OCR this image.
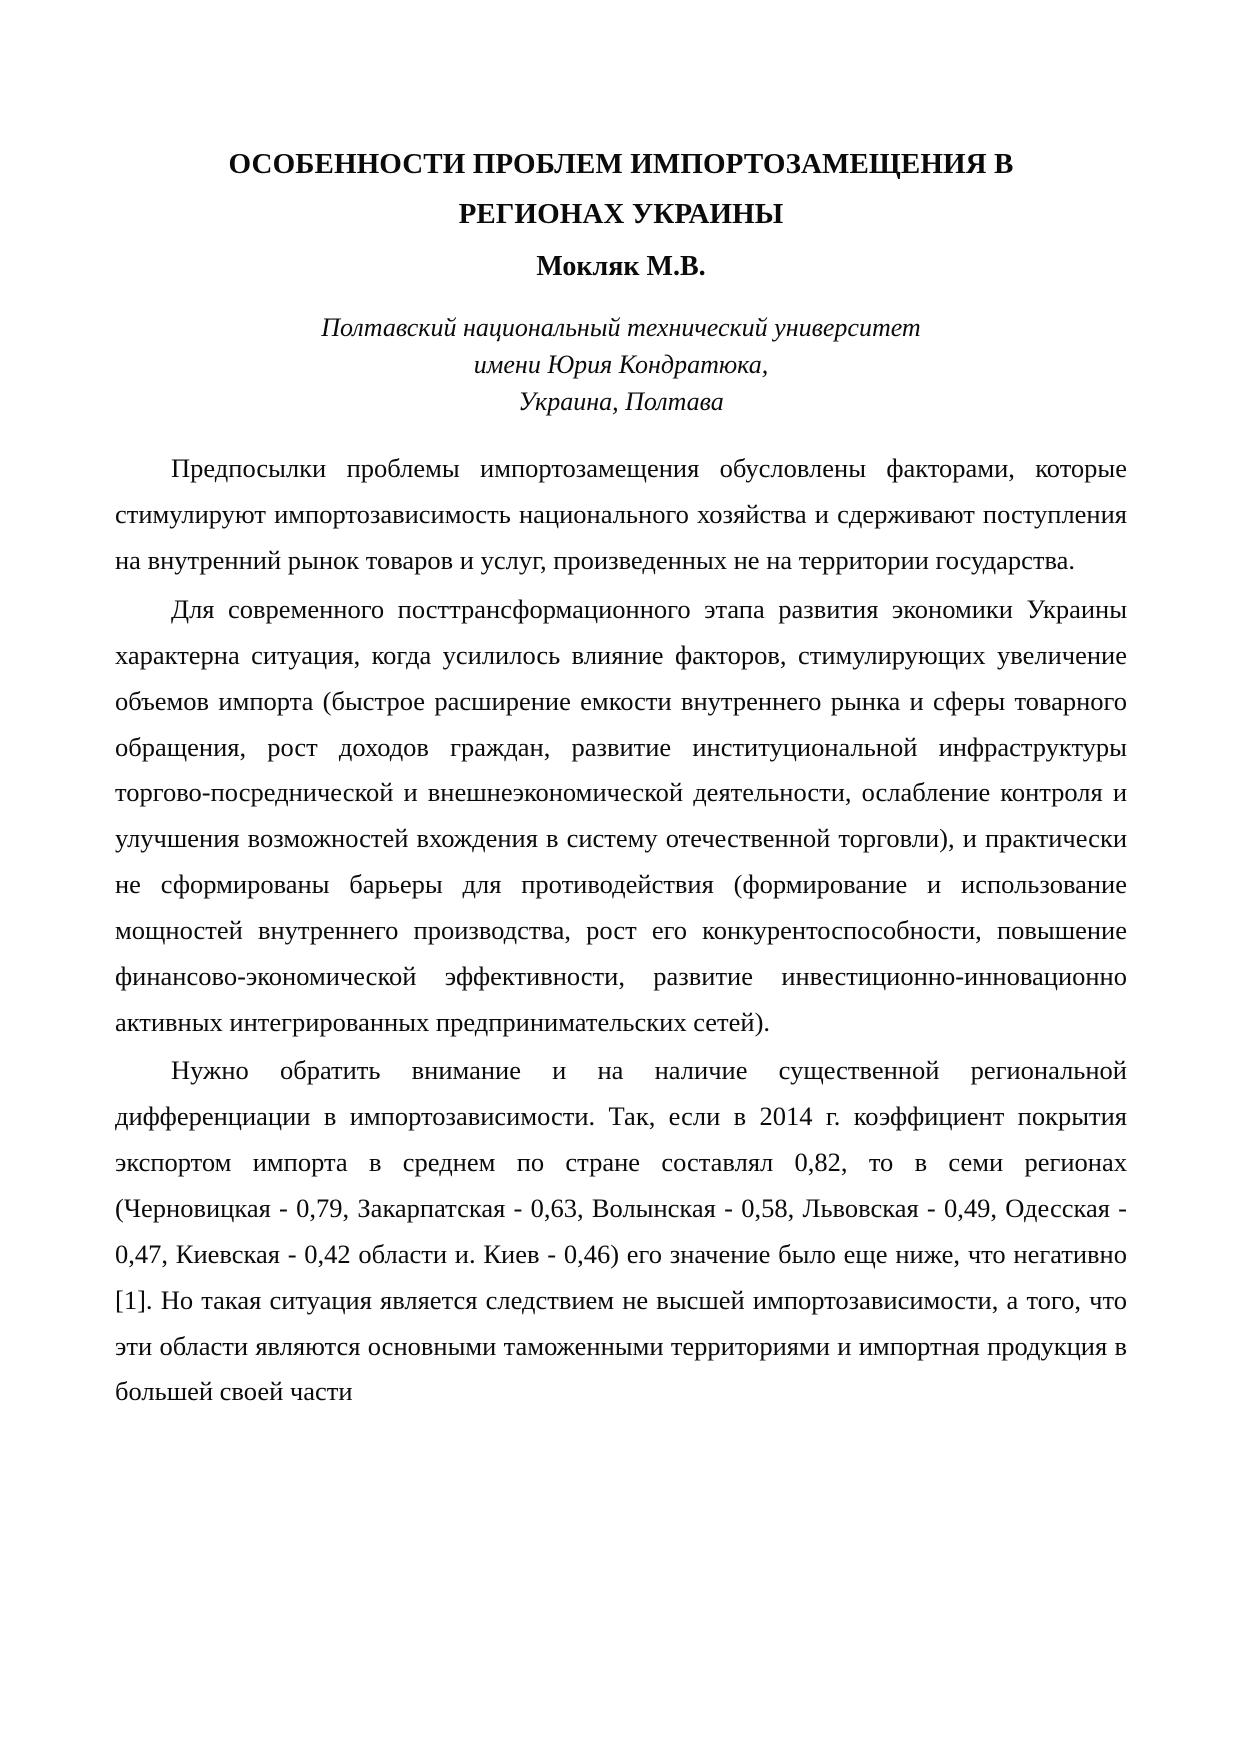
ОСОБЕННОСТИ ПРОБЛЕМ ИМПОРТОЗАМЕЩЕНИЯ В
РЕГИОНАХ УКРАИНЫ
Мокляк М.В.
Полтавский национальный технический университет
имени Юрия Кондратюка,
Украина, Полтава

Предпосылки проблемы импортозамещения обусловлены факторами, которые стимулируют импортозависимость национального хозяйства и сдерживают поступления на внутренний рынок товаров и услуг, произведенных не на территории государства.

Для современного посттрансформационного этапа развития экономики Украины характерна ситуация, когда усилилось влияние факторов, стимулирующих увеличение объемов импорта (быстрое расширение емкости внутреннего рынка и сферы товарного обращения, рост доходов граждан, развитие институциональной инфраструктуры торгово-посреднической и внешнеэкономической деятельности, ослабление контроля и улучшения возможностей вхождения в систему отечественной торговли), и практически не сформированы барьеры для противодействия (формирование и использование мощностей внутреннего производства, рост его конкурентоспособности, повышение финансово-экономической эффективности, развитие инвестиционно-инновационно активных интегрированных предпринимательских сетей).

Нужно обратить внимание и на наличие существенной региональной дифференциации в импортозависимости. Так, если в 2014 г. коэффициент покрытия экспортом импорта в среднем по стране составлял 0,82, то в семи регионах (Черновицкая - 0,79, Закарпатская - 0,63, Волынская - 0,58, Львовская - 0,49, Одесская - 0,47, Киевская - 0,42 области и. Киев - 0,46) его значение было еще ниже, что негативно [1]. Но такая ситуация является следствием не высшей импортозависимости, а того, что эти области являются основными таможенными территориями и импортная продукция в большей своей части
